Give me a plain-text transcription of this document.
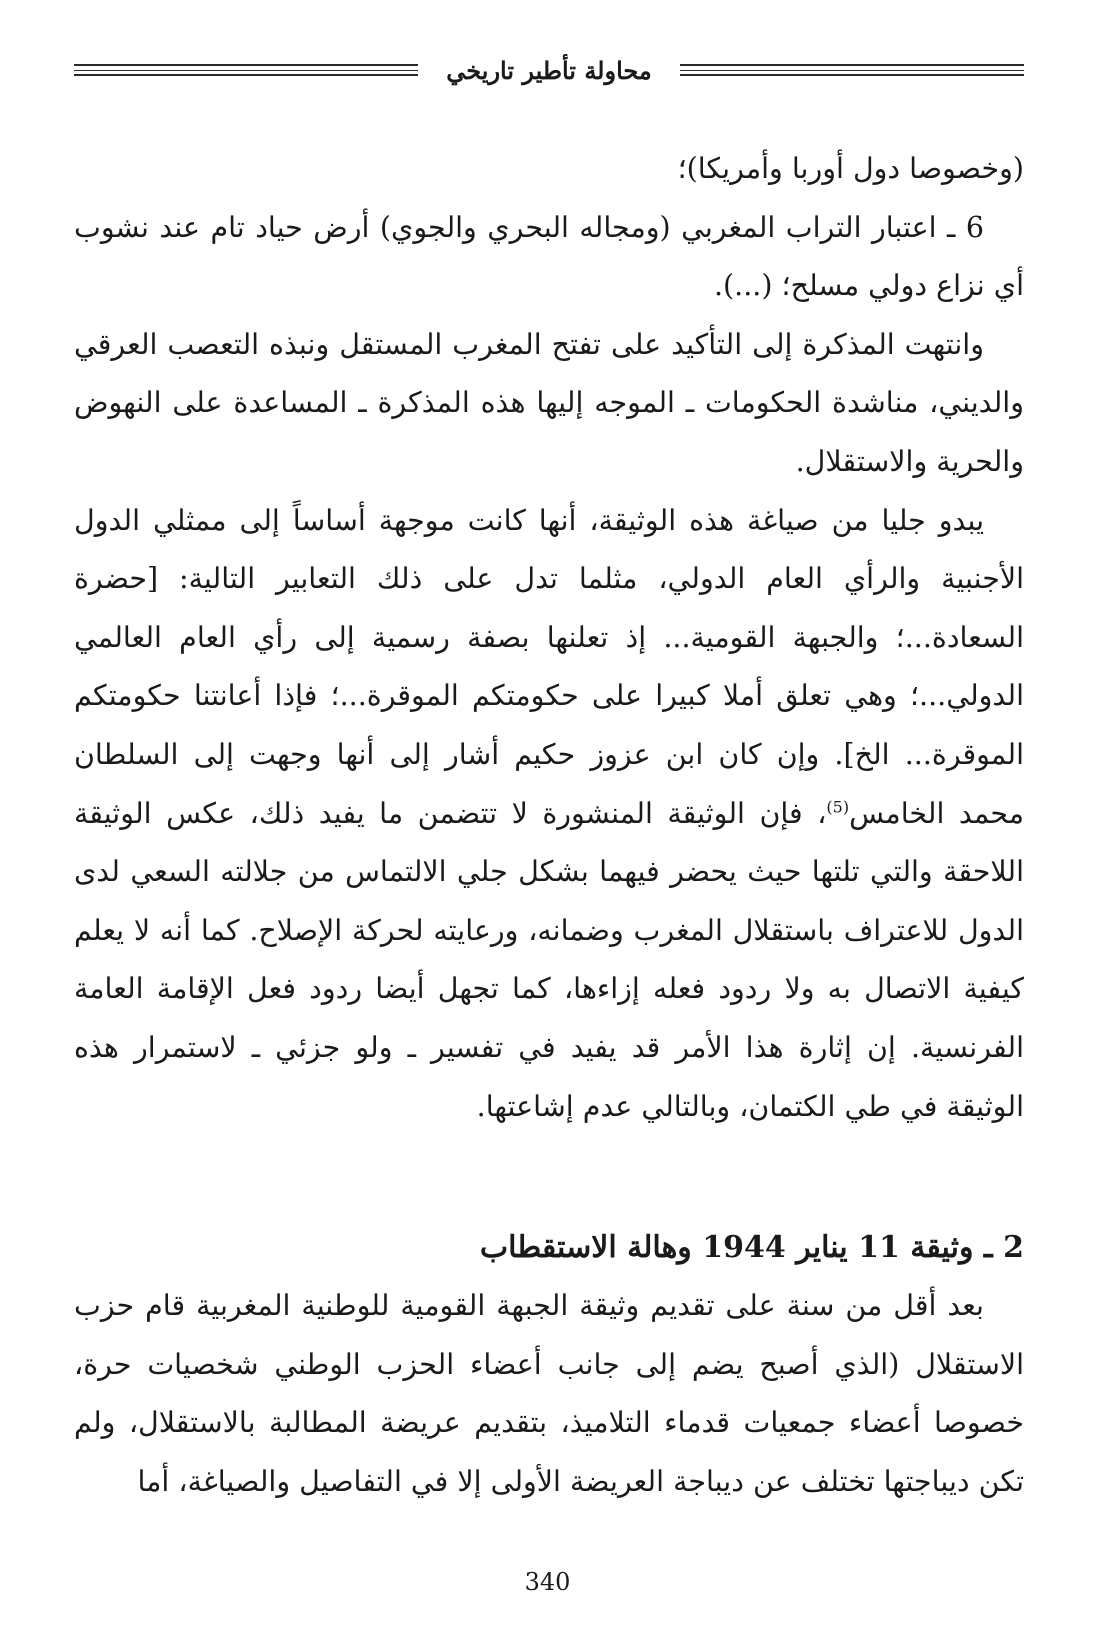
محاولة تأطير تاريخي

(وخصوصا دول أوربا وأمريكا)؛

6 ـ اعتبار التراب المغربي (ومجاله البحري والجوي) أرض حياد تام عند نشوب أي نزاع دولي مسلح؛ (...).

وانتهت المذكرة إلى التأكيد على تفتح المغرب المستقل ونبذه التعصب العرقي والديني، مناشدة الحكومات ـ الموجه إليها هذه المذكرة ـ المساعدة على النهوض والحرية والاستقلال.

يبدو جليا من صياغة هذه الوثيقة، أنها كانت موجهة أساساً إلى ممثلي الدول الأجنبية والرأي العام الدولي، مثلما تدل على ذلك التعابير التالية: [حضرة السعادة...؛ والجبهة القومية... إذ تعلنها بصفة رسمية إلى رأي العام العالمي الدولي...؛ وهي تعلق أملا كبيرا على حكومتكم الموقرة...؛ فإذا أعانتنا حكومتكم الموقرة... الخ]. وإن كان ابن عزوز حكيم أشار إلى أنها وجهت إلى السلطان محمد الخامس$^{(5)}$، فإن الوثيقة المنشورة لا تتضمن ما يفيد ذلك، عكس الوثيقة اللاحقة والتي تلتها حيث يحضر فيهما بشكل جلي الالتماس من جلالته السعي لدى الدول للاعتراف باستقلال المغرب وضمانه، ورعايته لحركة الإصلاح. كما أنه لا يعلم كيفية الاتصال به ولا ردود فعله إزاءها، كما تجهل أيضا ردود فعل الإقامة العامة الفرنسية. إن إثارة هذا الأمر قد يفيد في تفسير ـ ولو جزئي ـ لاستمرار هذه الوثيقة في طي الكتمان، وبالتالي عدم إشاعتها.

2 ـ وثيقة 11 يناير 1944 وهالة الاستقطاب

بعد أقل من سنة على تقديم وثيقة الجبهة القومية للوطنية المغربية قام حزب الاستقلال (الذي أصبح يضم إلى جانب أعضاء الحزب الوطني شخصيات حرة، خصوصا أعضاء جمعيات قدماء التلاميذ، بتقديم عريضة المطالبة بالاستقلال، ولم تكن ديباجتها تختلف عن ديباجة العريضة الأولى إلا في التفاصيل والصياغة، أما

340
